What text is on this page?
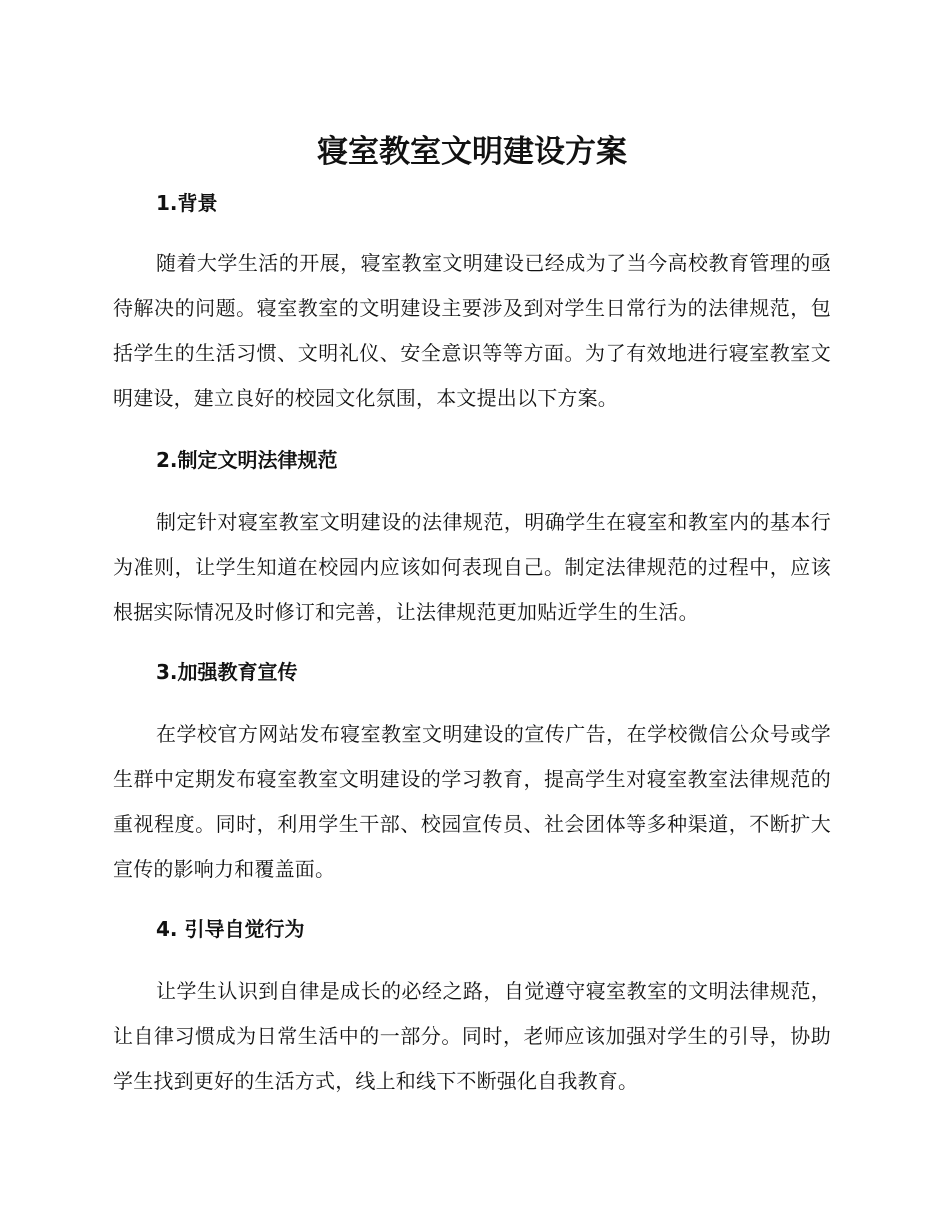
寝室教室文明建设方案
1.背景

随着大学生活的开展，寝室教室文明建设已经成为了当今高校教育管理的亟待解决的问题。寝室教室的文明建设主要涉及到对学生日常行为的法律规范，包括学生的生活习惯、文明礼仪、安全意识等等方面。为了有效地进行寝室教室文明建设，建立良好的校园文化氛围，本文提出以下方案。

2.制定文明法律规范

制定针对寝室教室文明建设的法律规范，明确学生在寝室和教室内的基本行为准则，让学生知道在校园内应该如何表现自己。制定法律规范的过程中，应该根据实际情况及时修订和完善，让法律规范更加贴近学生的生活。

3.加强教育宣传

在学校官方网站发布寝室教室文明建设的宣传广告，在学校微信公众号或学生群中定期发布寝室教室文明建设的学习教育，提高学生对寝室教室法律规范的重视程度。同时，利用学生干部、校园宣传员、社会团体等多种渠道，不断扩大宣传的影响力和覆盖面。

4. 引导自觉行为

让学生认识到自律是成长的必经之路，自觉遵守寝室教室的文明法律规范，让自律习惯成为日常生活中的一部分。同时，老师应该加强对学生的引导，协助学生找到更好的生活方式，线上和线下不断强化自我教育。
